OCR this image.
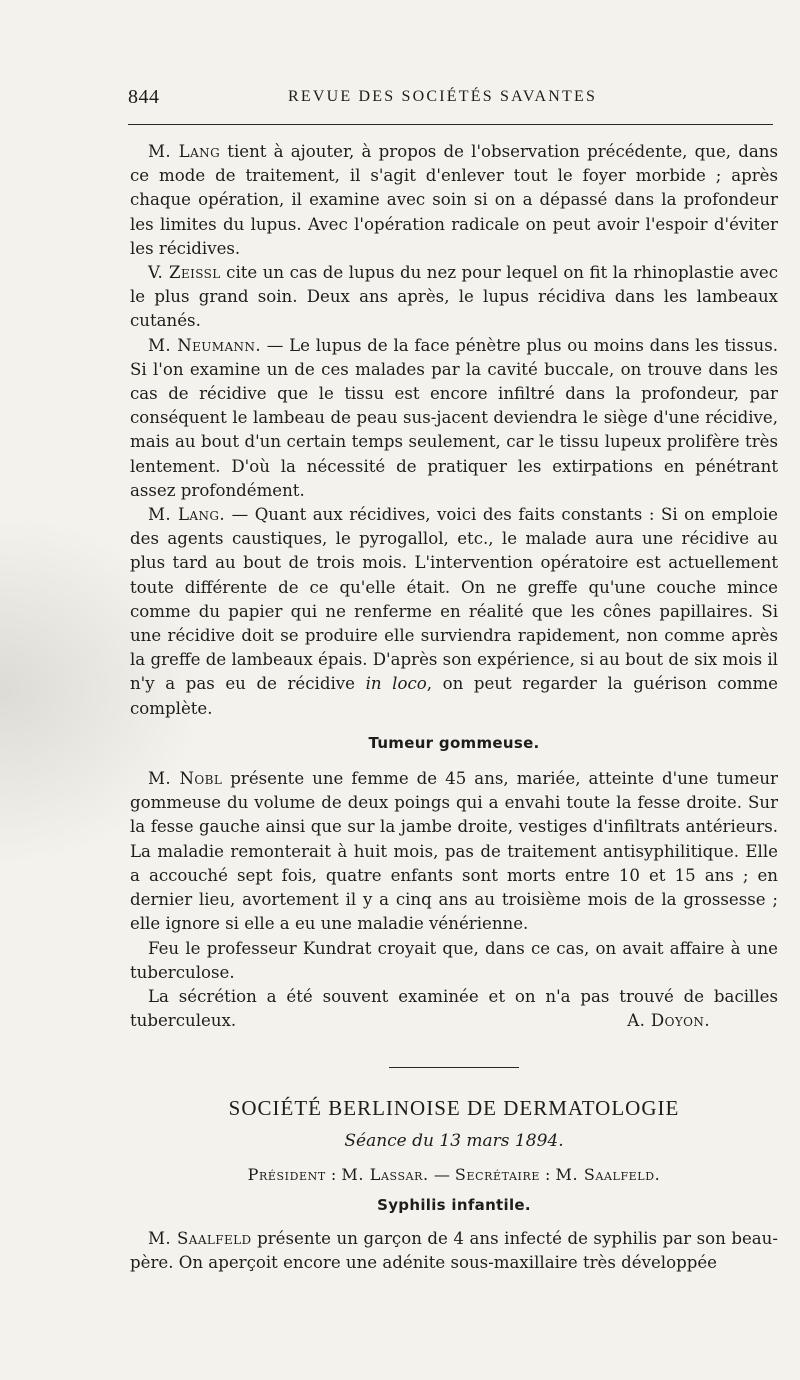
844	REVUE DES SOCIÉTÉS SAVANTES

M. Lang tient à ajouter, à propos de l'observation précédente, que, dans ce mode de traitement, il s'agit d'enlever tout le foyer morbide ; après chaque opération, il examine avec soin si on a dépassé dans la profondeur les limites du lupus. Avec l'opération radicale on peut avoir l'espoir d'éviter les récidives.

V. Zeissl cite un cas de lupus du nez pour lequel on fit la rhinoplastie avec le plus grand soin. Deux ans après, le lupus récidiva dans les lambeaux cutanés.

M. Neumann. — Le lupus de la face pénètre plus ou moins dans les tissus. Si l'on examine un de ces malades par la cavité buccale, on trouve dans les cas de récidive que le tissu est encore infiltré dans la profondeur, par conséquent le lambeau de peau sus-jacent deviendra le siège d'une récidive, mais au bout d'un certain temps seulement, car le tissu lupeux prolifère très lentement. D'où la nécessité de pratiquer les extirpations en pénétrant assez profondément.

M. Lang. — Quant aux récidives, voici des faits constants : Si on emploie des agents caustiques, le pyrogallol, etc., le malade aura une récidive au plus tard au bout de trois mois. L'intervention opératoire est actuellement toute différente de ce qu'elle était. On ne greffe qu'une couche mince comme du papier qui ne renferme en réalité que les cônes papillaires. Si une récidive doit se produire elle surviendra rapidement, non comme après la greffe de lambeaux épais. D'après son expérience, si au bout de six mois il n'y a pas eu de récidive in loco, on peut regarder la guérison comme complète.

Tumeur gommeuse.

M. Nobl présente une femme de 45 ans, mariée, atteinte d'une tumeur gommeuse du volume de deux poings qui a envahi toute la fesse droite. Sur la fesse gauche ainsi que sur la jambe droite, vestiges d'infiltrats antérieurs. La maladie remonterait à huit mois, pas de traitement antisyphilitique. Elle a accouché sept fois, quatre enfants sont morts entre 10 et 15 ans ; en dernier lieu, avortement il y a cinq ans au troisième mois de la grossesse ; elle ignore si elle a eu une maladie vénérienne.

Feu le professeur Kundrat croyait que, dans ce cas, on avait affaire à une tuberculose.

La sécrétion a été souvent examinée et on n'a pas trouvé de bacilles tuberculeux.	A. Doyon.

SOCIÉTÉ BERLINOISE DE DERMATOLOGIE
Séance du 13 mars 1894.
Président : M. Lassar. — Secrétaire : M. Saalfeld.
Syphilis infantile.

M. Saalfeld présente un garçon de 4 ans infecté de syphilis par son beau-père. On aperçoit encore une adénite sous-maxillaire très développée
